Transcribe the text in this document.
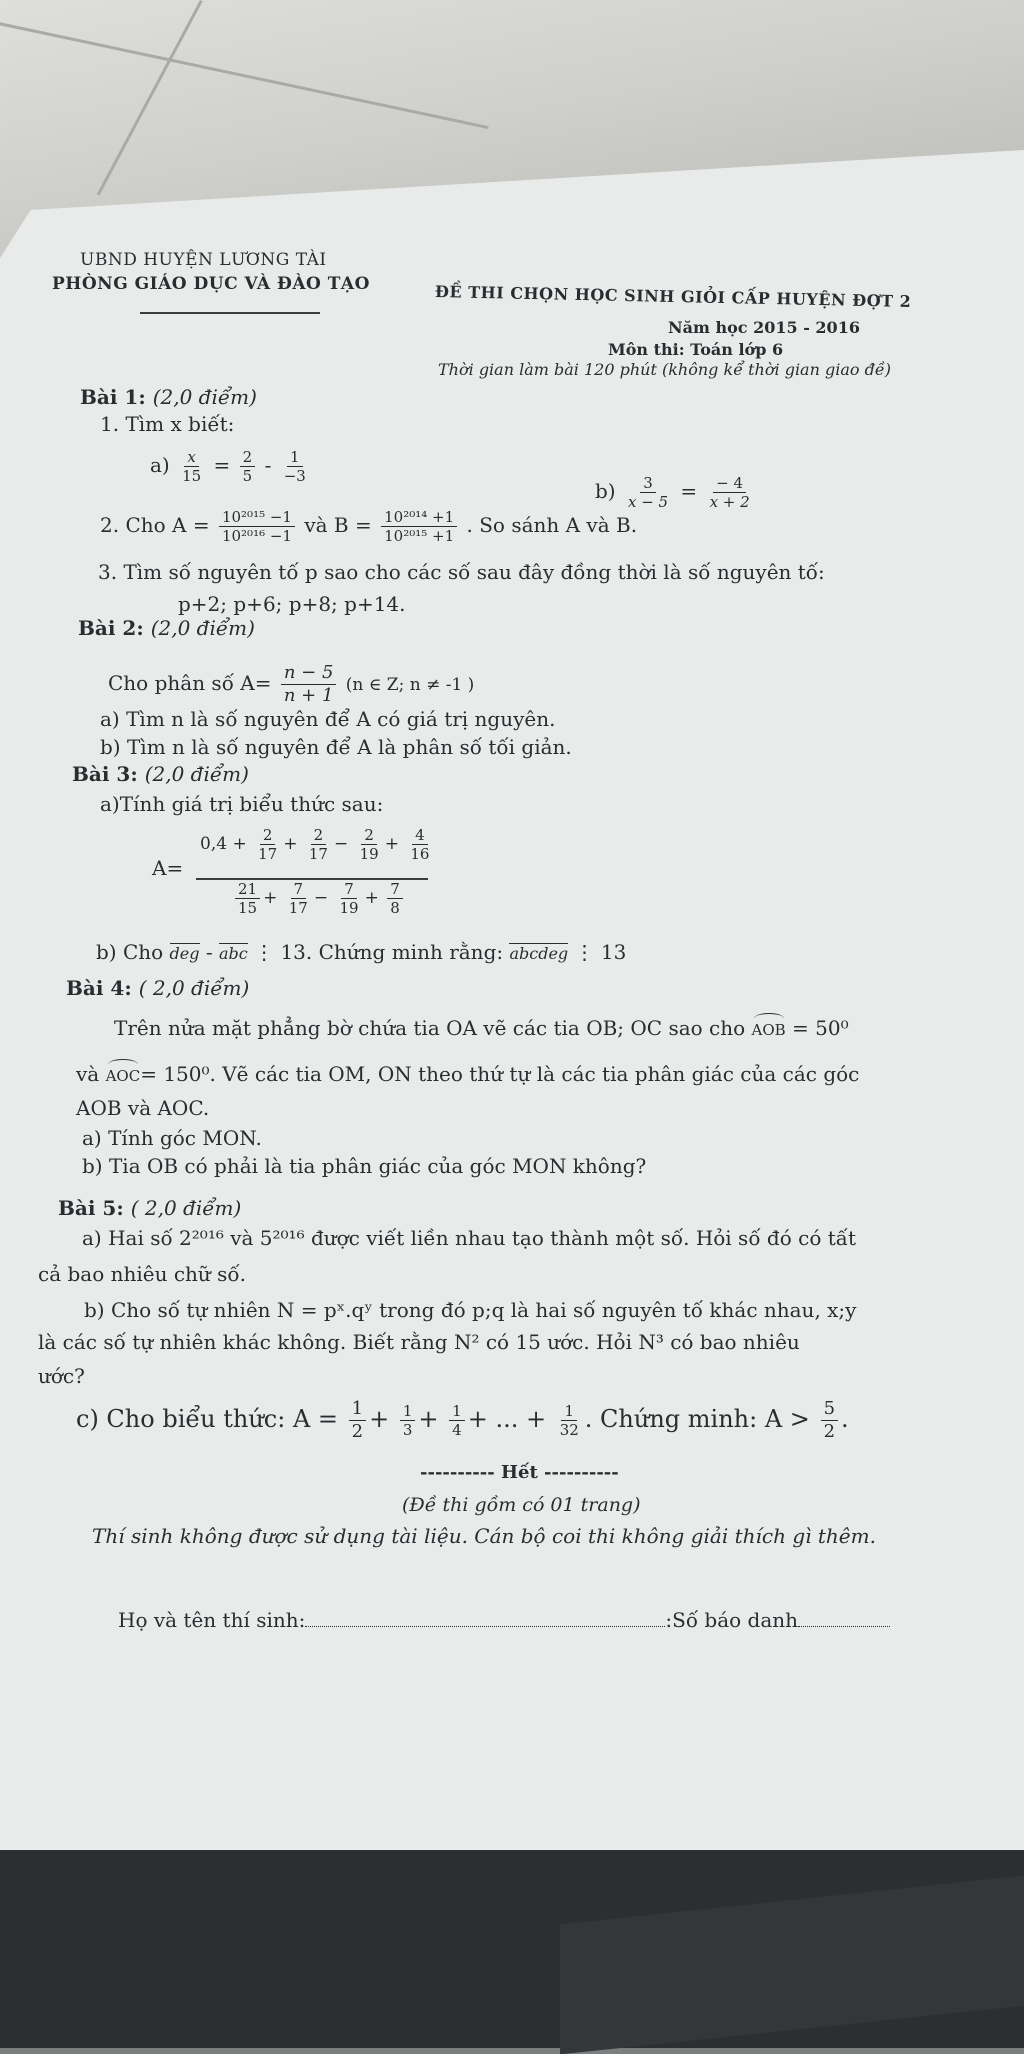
UBND HUYỆN LƯƠNG TÀI
PHÒNG GIÁO DỤC VÀ ĐÀO TẠO	ĐỀ THI CHỌN HỌC SINH GIỎI CẤP HUYỆN ĐỢT 2
Năm học 2015 - 2016
Môn thi: Toán lớp 6
Thời gian làm bài 120 phút (không kể thời gian giao đề)
Bài 1: (2,0 điểm)
1. Tìm x biết:
$a) \frac{x}{15} = \frac{2}{5} - \frac{1}{-3}$
$b) \frac{3}{x - 5} = \frac{- 4}{x + 2}$
2. Cho $A = \frac{\text{10²⁰¹⁵ −1}}{\text{10²⁰¹⁶ −1}}$ và $B = \frac{\text{10²⁰¹⁴ +1}}{\text{10²⁰¹⁵ +1}}$ . So sánh A và B.
3. Tìm số nguyên tố p sao cho các số sau đây đồng thời là số nguyên tố:
p+2; p+6; p+8; p+14.
Bài 2: (2,0 điểm)
Cho phân số $A= \frac{n - 5}{n + 1} (n$ ∈ Z; n ≠ -1 )
a) Tìm n là số nguyên để A có giá trị nguyên.
b) Tìm n là số nguyên để A là phân số tối giản.
Bài 3: (2,0 điểm)
a)Tính giá trị biểu thức sau:
A=
$0,4 + \frac{2}{17} + \frac{2}{17} - \frac{2}{19} + \frac{4}{16}$
$\frac{21}{15} + \frac{7}{17} - \frac{7}{19} + \frac{7}{8}$
b) Cho deg - abc ⋮ 13. Chứng minh rằng: abcdeg ⋮ 13
Bài 4: ( 2,0 điểm)
Trên nửa mặt phẳng bờ chứa tia OA vẽ các tia OB; OC sao cho AOB = 50⁰
và AOC= 150⁰. Vẽ các tia OM, ON theo thứ tự là các tia phân giác của các góc
AOB và AOC.
a) Tính góc MON.
b) Tia OB có phải là tia phân giác của góc MON không?
Bài 5: ( 2,0 điểm)
a) Hai số 2²⁰¹⁶ và 5²⁰¹⁶ được viết liền nhau tạo thành một số. Hỏi số đó có tất
cả bao nhiêu chữ số.
b) Cho số tự nhiên N = pˣ.qʸ trong đó p;q là hai số nguyên tố khác nhau, x;y
là các số tự nhiên khác không. Biết rằng N² có 15 ước. Hỏi N³ có bao nhiêu
ước?
c) Cho biểu thức: $A = \frac{1}{2} + \frac{1}{3} + \frac{1}{4}$ + ... + $\frac{1}{32}$ . Chứng minh: $A > \frac{5}{2}$ .
---------- Hết ----------
(Đề thi gồm có 01 trang)
Thí sinh không được sử dụng tài liệu. Cán bộ coi thi không giải thích gì thêm.
Họ và tên thí sinh:	:Số báo danh
